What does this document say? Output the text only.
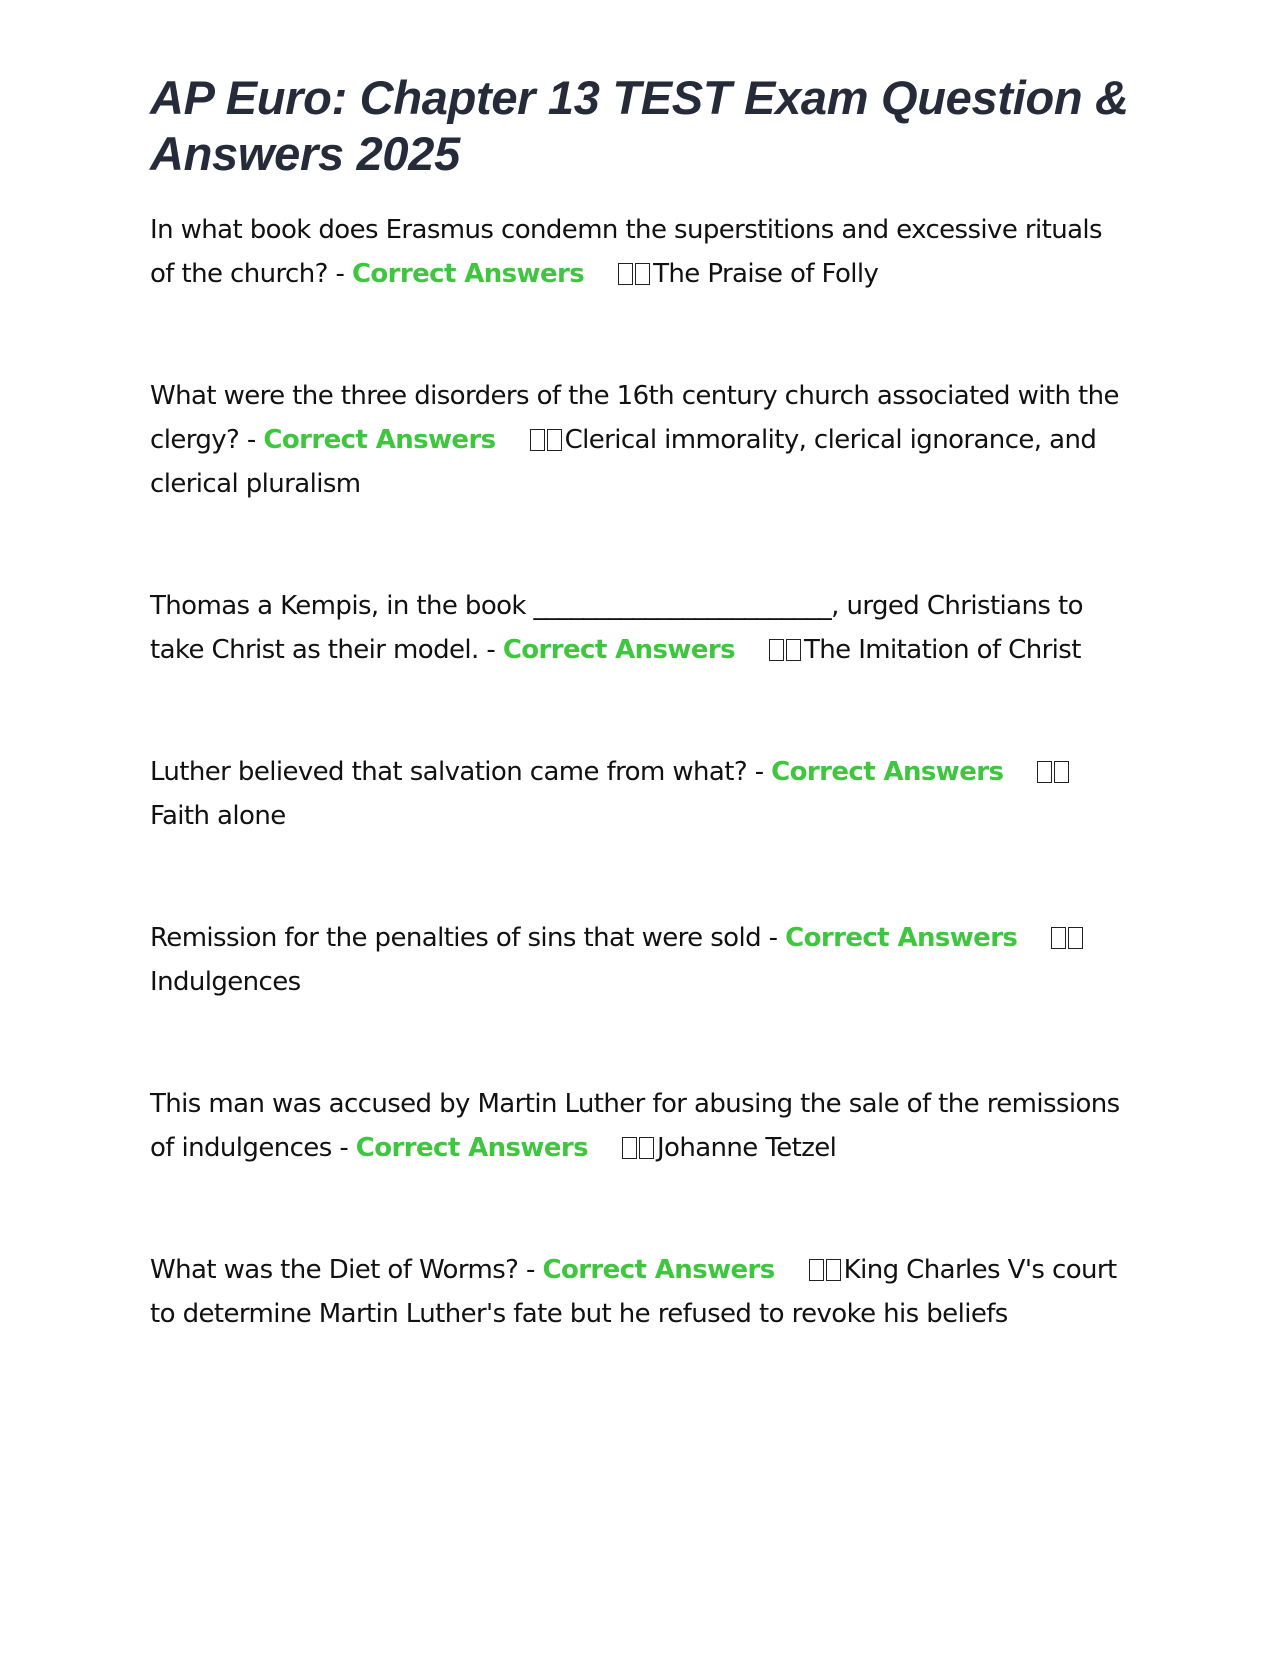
AP Euro: Chapter 13 TEST Exam Question & Answers 2025

In what book does Erasmus condemn the superstitions and excessive rituals of the church? - Correct Answers	The Praise of Folly

What were the three disorders of the 16th century church associated with the clergy? - Correct Answers	Clerical immorality, clerical ignorance, and clerical pluralism

Thomas a Kempis, in the book ________________________, urged Christians to take Christ as their model. - Correct Answers	The Imitation of Christ

Luther believed that salvation came from what? - Correct AnswersFaith alone

Remission for the penalties of sins that were sold - Correct AnswersIndulgences

This man was accused by Martin Luther for abusing the sale of the remissions of indulgences - Correct Answers	Johanne Tetzel

What was the Diet of Worms? - Correct Answers	King Charles V's court to determine Martin Luther's fate but he refused to revoke his beliefs
